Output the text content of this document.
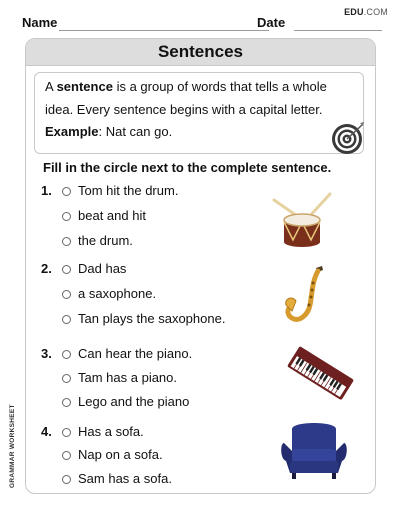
EDU.COM
Name	Date
Sentences
A sentence is a group of words that tells a whole idea. Every sentence begins with a capital letter.
Example: Nat can go.
Fill in the circle next to the complete sentence.
1. Tom hit the drum.
beat and hit
the drum.
2. Dad has
a saxophone.
Tan plays the saxophone.
3. Can hear the piano.
Tam has a piano.
Lego and the piano
4. Has a sofa.
Nap on a sofa.
Sam has a sofa.
GRAMMAR WORKSHEET
